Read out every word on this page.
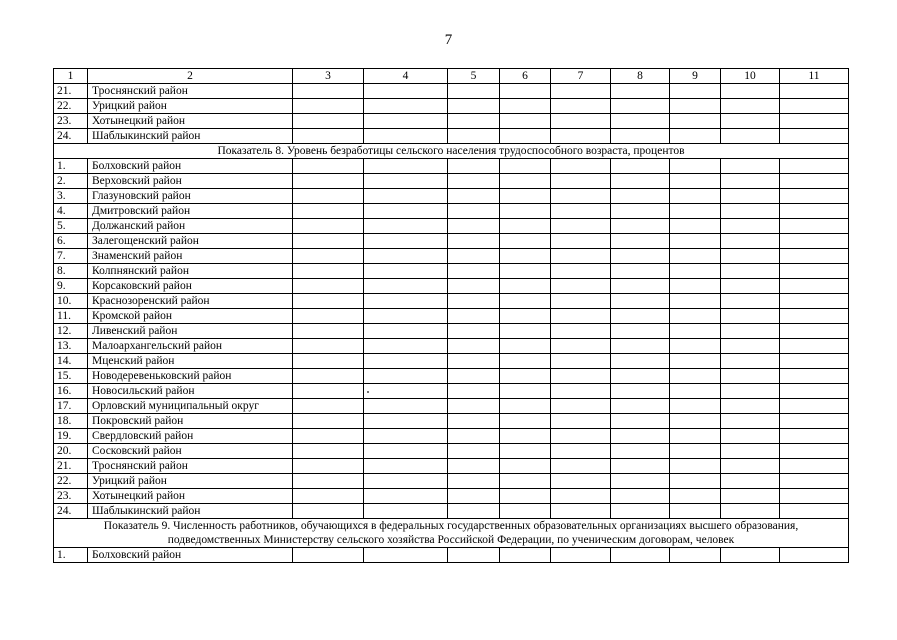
7
1	2	3	4	5	6	7	8	9	10	11
21.	Троснянский район									
22.	Урицкий район									
23.	Хотынецкий район									
24.	Шаблыкинский район									
Показатель 8. Уровень безработицы сельского населения трудоспособного возраста, процентов										
1.	Болховский район									
2.	Верховский район									
3.	Глазуновский район									
4.	Дмитровский район									
5.	Должанский район									
6.	Залегощенский район									
7.	Знаменский район									
8.	Колпнянский район									
9.	Корсаковский район									
10.	Краснозоренский район									
11.	Кромской район									
12.	Ливенский район									
13.	Малоархангельский район									
14.	Мценский район									
15.	Новодеревеньковский район									
16.	Новосильский район									
17.	Орловский муниципальный округ									
18.	Покровский район									
19.	Свердловский район									
20.	Сосковский район									
21.	Троснянский район									
22.	Урицкий район									
23.	Хотынецкий район									
24.	Шаблыкинский район									
Показатель 9. Численность работников, обучающихся в федеральных государственных образовательных организациях высшего образования,
подведомственных Министерству сельского хозяйства Российской Федерации, по ученическим договорам, человек										
1.	Болховский район									
